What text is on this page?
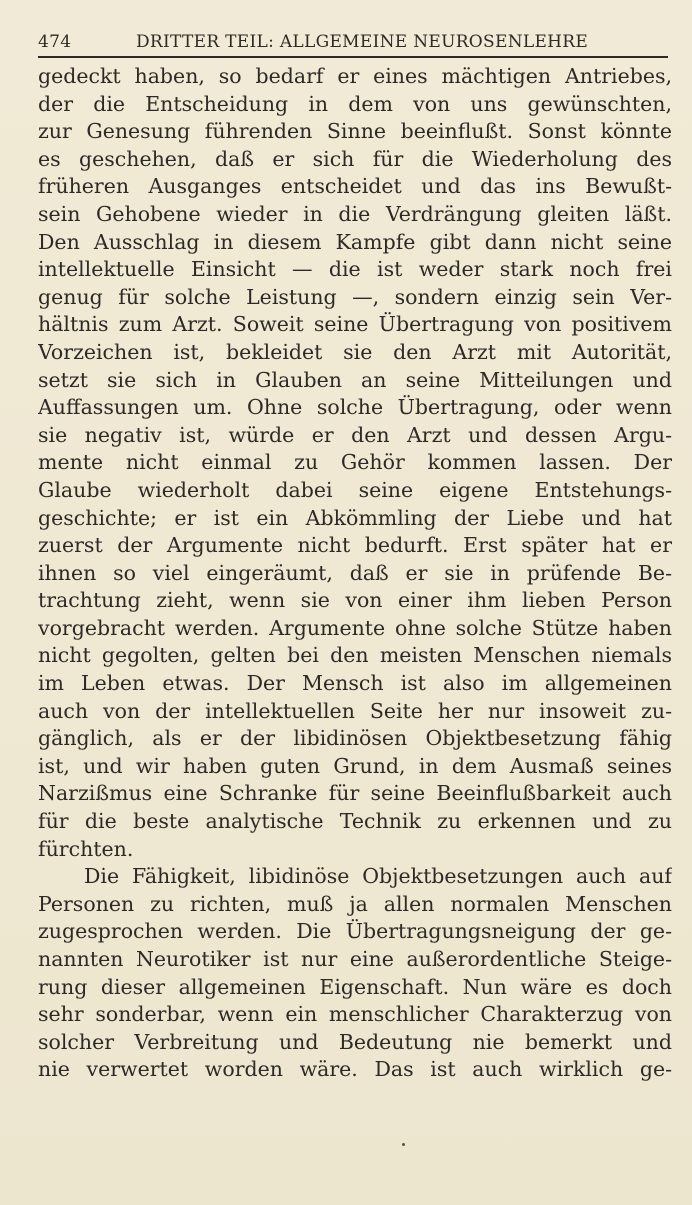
474	DRITTER TEIL: ALLGEMEINE NEUROSENLEHRE
gedeckt haben, so bedarf er eines mächtigen Antriebes,
der die Entscheidung in dem von uns gewünschten,
zur Genesung führenden Sinne beeinflußt. Sonst könnte
es geschehen, daß er sich für die Wiederholung des
früheren Ausganges entscheidet und das ins Bewußt-
sein Gehobene wieder in die Verdrängung gleiten läßt.
Den Ausschlag in diesem Kampfe gibt dann nicht seine
intellektuelle Einsicht — die ist weder stark noch frei
genug für solche Leistung —, sondern einzig sein Ver-
hältnis zum Arzt. Soweit seine Übertragung von positivem
Vorzeichen ist, bekleidet sie den Arzt mit Autorität,
setzt sie sich in Glauben an seine Mitteilungen und
Auffassungen um. Ohne solche Übertragung, oder wenn
sie negativ ist, würde er den Arzt und dessen Argu-
mente nicht einmal zu Gehör kommen lassen. Der
Glaube wiederholt dabei seine eigene Entstehungs-
geschichte; er ist ein Abkömmling der Liebe und hat
zuerst der Argumente nicht bedurft. Erst später hat er
ihnen so viel eingeräumt, daß er sie in prüfende Be-
trachtung zieht, wenn sie von einer ihm lieben Person
vorgebracht werden. Argumente ohne solche Stütze haben
nicht gegolten, gelten bei den meisten Menschen niemals
im Leben etwas. Der Mensch ist also im allgemeinen
auch von der intellektuellen Seite her nur insoweit zu-
gänglich, als er der libidinösen Objektbesetzung fähig
ist, und wir haben guten Grund, in dem Ausmaß seines
Narzißmus eine Schranke für seine Beeinflußbarkeit auch
für die beste analytische Technik zu erkennen und zu
fürchten.
Die Fähigkeit, libidinöse Objektbesetzungen auch auf
Personen zu richten, muß ja allen normalen Menschen
zugesprochen werden. Die Übertragungsneigung der ge-
nannten Neurotiker ist nur eine außerordentliche Steige-
rung dieser allgemeinen Eigenschaft. Nun wäre es doch
sehr sonderbar, wenn ein menschlicher Charakterzug von
solcher Verbreitung und Bedeutung nie bemerkt und
nie verwertet worden wäre. Das ist auch wirklich ge-
